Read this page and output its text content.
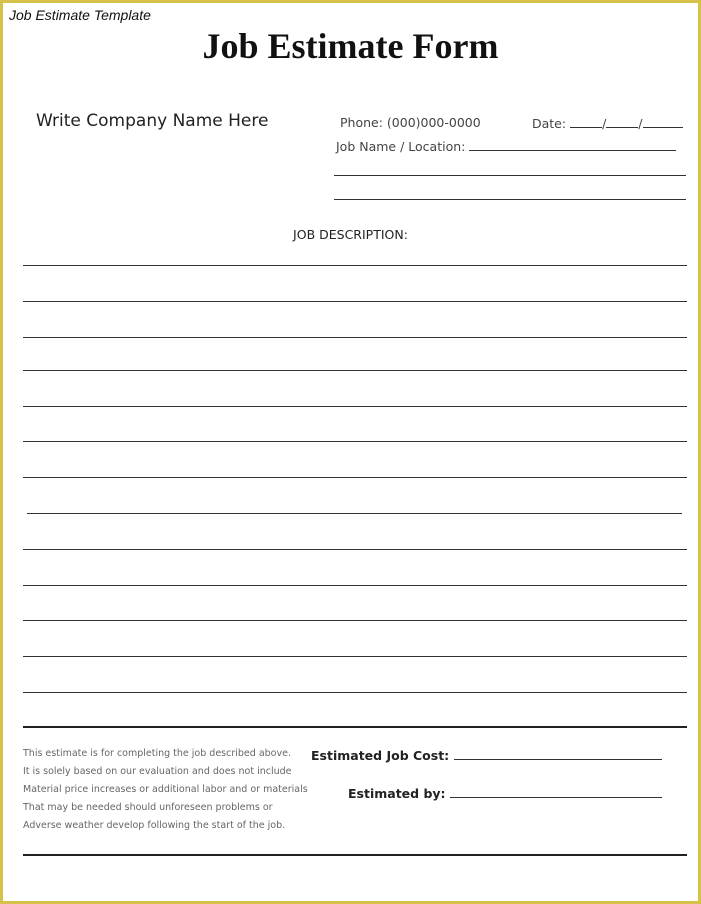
Job Estimate Template
Job Estimate Form
Write Company Name Here	Phone: (000)000-0000	Date:	/	/
Job Name / Location:
JOB DESCRIPTION:
This estimate is for completing the job described above.
It is solely based on our evaluation and does not include
Material price increases or additional labor and or materials
That may be needed should unforeseen problems or
Adverse weather develop following the start of the job.
Estimated Job Cost:
Estimated by:
